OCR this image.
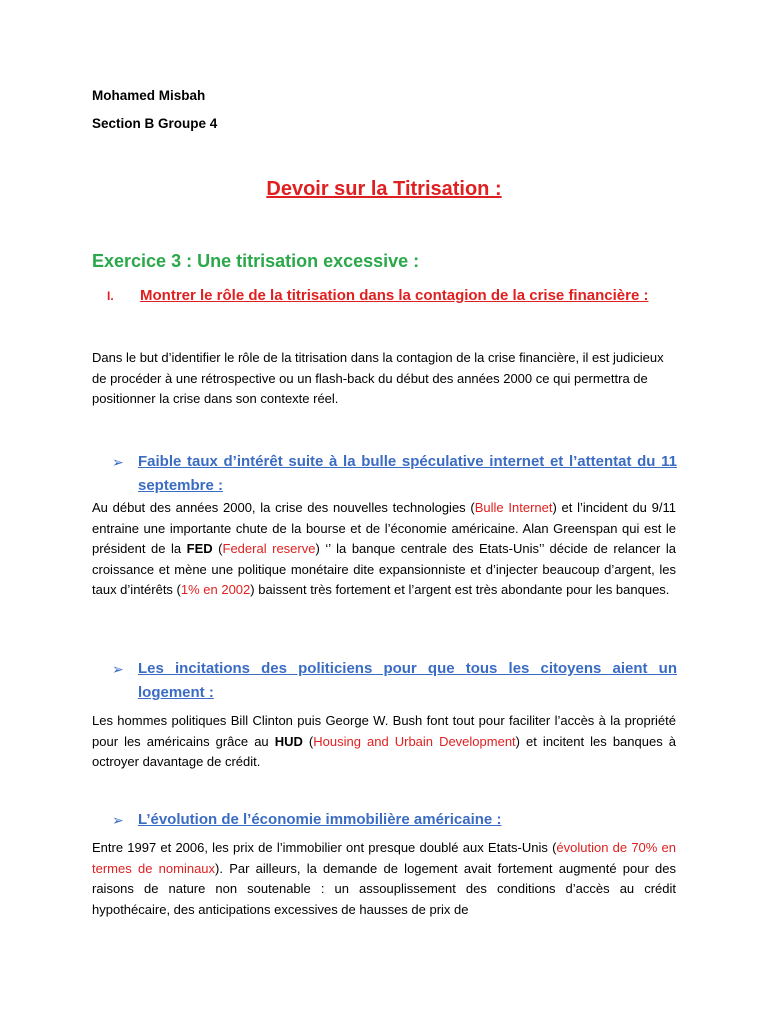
Mohamed Misbah

Section B Groupe 4

Devoir sur la Titrisation :
Exercice 3 : Une titrisation excessive :
I. Montrer le rôle de la titrisation dans la contagion de la crise financière :

Dans le but d’identifier le rôle de la titrisation dans la contagion de la crise financière, il est judicieux de procéder à une rétrospective ou un flash-back du début des années 2000 ce qui permettra de positionner la crise dans son contexte réel.

➢ Faible taux d’intérêt suite à la bulle spéculative internet et l’attentat du 11 septembre :

Au début des années 2000, la crise des nouvelles technologies (Bulle Internet) et l’incident du 9/11 entraine une importante chute de la bourse et de l’économie américaine. Alan Greenspan qui est le président de la FED (Federal reserve) ‘’ la banque centrale des Etats-Unis’’ décide de relancer la croissance et mène une politique monétaire dite expansionniste et d’injecter beaucoup d’argent, les taux d’intérêts (1% en 2002) baissent très fortement et l’argent est très abondante pour les banques.

➢ Les incitations des politiciens pour que tous les citoyens aient un logement :

Les hommes politiques Bill Clinton puis George W. Bush font tout pour faciliter l’accès à la propriété pour les américains grâce au HUD (Housing and Urbain Development) et incitent les banques à octroyer davantage de crédit.

➢ L’évolution de l’économie immobilière américaine :

Entre 1997 et 2006, les prix de l’immobilier ont presque doublé aux Etats-Unis (évolution de 70% en termes de nominaux). Par ailleurs, la demande de logement avait fortement augmenté pour des raisons de nature non soutenable : un assouplissement des conditions d’accès au crédit hypothécaire, des anticipations excessives de hausses de prix de
